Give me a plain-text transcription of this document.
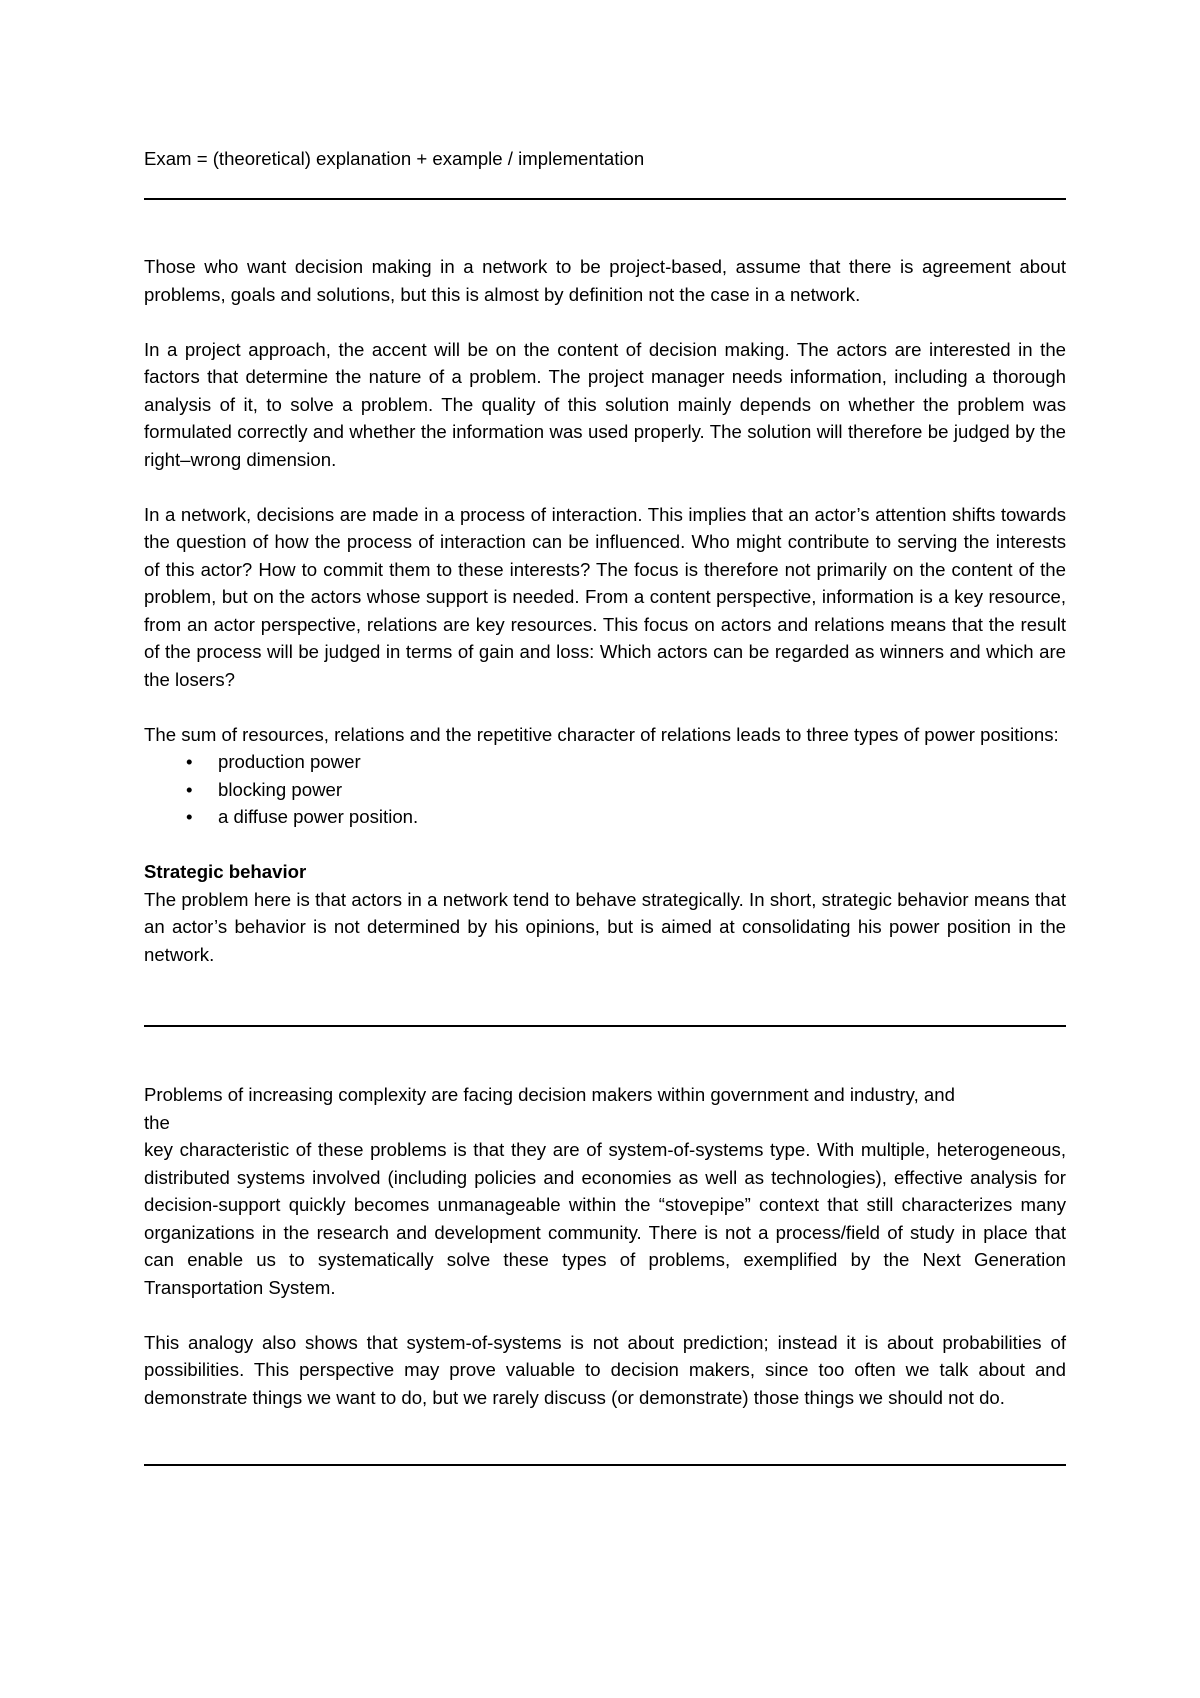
Exam = (theoretical) explanation + example / implementation

Those who want decision making in a network to be project-based, assume that there is agreement about problems, goals and solutions, but this is almost by definition not the case in a network.

In a project approach, the accent will be on the content of decision making. The actors are interested in the factors that determine the nature of a problem. The project manager needs information, including a thorough analysis of it, to solve a problem. The quality of this solution mainly depends on whether the problem was formulated correctly and whether the information was used properly. The solution will therefore be judged by the right–wrong dimension.

In a network, decisions are made in a process of interaction. This implies that an actor’s attention shifts towards the question of how the process of interaction can be influenced. Who might contribute to serving the interests of this actor? How to commit them to these interests? The focus is therefore not primarily on the content of the problem, but on the actors whose support is needed. From a content perspective, information is a key resource, from an actor perspective, relations are key resources. This focus on actors and relations means that the result of the process will be judged in terms of gain and loss: Which actors can be regarded as winners and which are the losers?

The sum of resources, relations and the repetitive character of relations leads to three types of power positions:

• production power
• blocking power
• a diffuse power position.

Strategic behavior
The problem here is that actors in a network tend to behave strategically. In short, strategic behavior means that an actor’s behavior is not determined by his opinions, but is aimed at consolidating his power position in the network.

Problems of increasing complexity are facing decision makers within government and industry, and
the

key characteristic of these problems is that they are of system-of-systems type. With multiple, heterogeneous, distributed systems involved (including policies and economies as well as technologies), effective analysis for decision-support quickly becomes unmanageable within the “stovepipe” context that still characterizes many organizations in the research and development community. There is not a process/field of study in place that can enable us to systematically solve these types of problems, exemplified by the Next Generation Transportation System.

This analogy also shows that system-of-systems is not about prediction; instead it is about probabilities of possibilities. This perspective may prove valuable to decision makers, since too often we talk about and demonstrate things we want to do, but we rarely discuss (or demonstrate) those things we should not do.
